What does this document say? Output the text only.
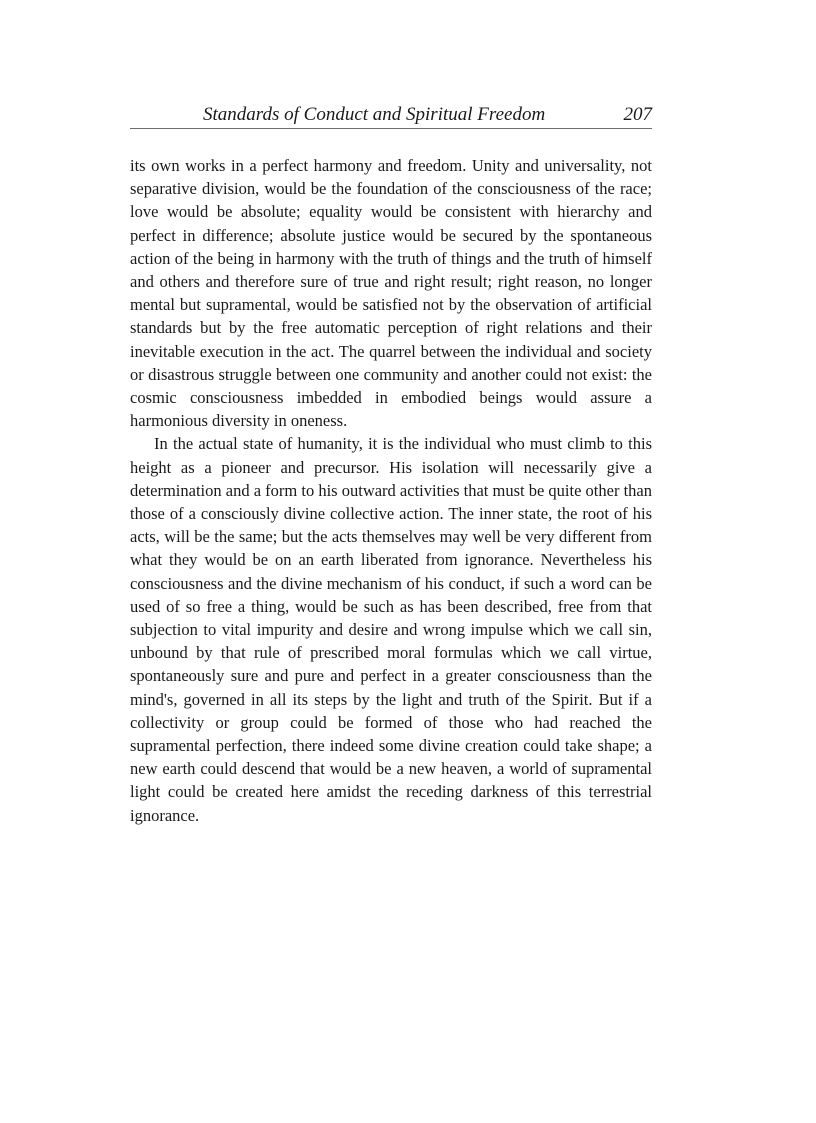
Standards of Conduct and Spiritual Freedom	207

its own works in a perfect harmony and freedom. Unity and universality, not separative division, would be the foundation of the consciousness of the race; love would be absolute; equality would be consistent with hierarchy and perfect in difference; absolute justice would be secured by the spontaneous action of the being in harmony with the truth of things and the truth of himself and others and therefore sure of true and right result; right reason, no longer mental but supramental, would be satisfied not by the observation of artificial standards but by the free automatic perception of right relations and their inevitable execution in the act. The quarrel between the individual and society or disastrous struggle between one community and another could not exist: the cosmic consciousness imbedded in embodied beings would assure a harmonious diversity in oneness.

In the actual state of humanity, it is the individual who must climb to this height as a pioneer and precursor. His isolation will necessarily give a determination and a form to his outward activities that must be quite other than those of a consciously divine collective action. The inner state, the root of his acts, will be the same; but the acts themselves may well be very different from what they would be on an earth liberated from ignorance. Nevertheless his consciousness and the divine mechanism of his conduct, if such a word can be used of so free a thing, would be such as has been described, free from that subjection to vital impurity and desire and wrong impulse which we call sin, unbound by that rule of prescribed moral formulas which we call virtue, spontaneously sure and pure and perfect in a greater consciousness than the mind's, governed in all its steps by the light and truth of the Spirit. But if a collectivity or group could be formed of those who had reached the supramental perfection, there indeed some divine creation could take shape; a new earth could descend that would be a new heaven, a world of supramental light could be created here amidst the receding darkness of this terrestrial ignorance.
